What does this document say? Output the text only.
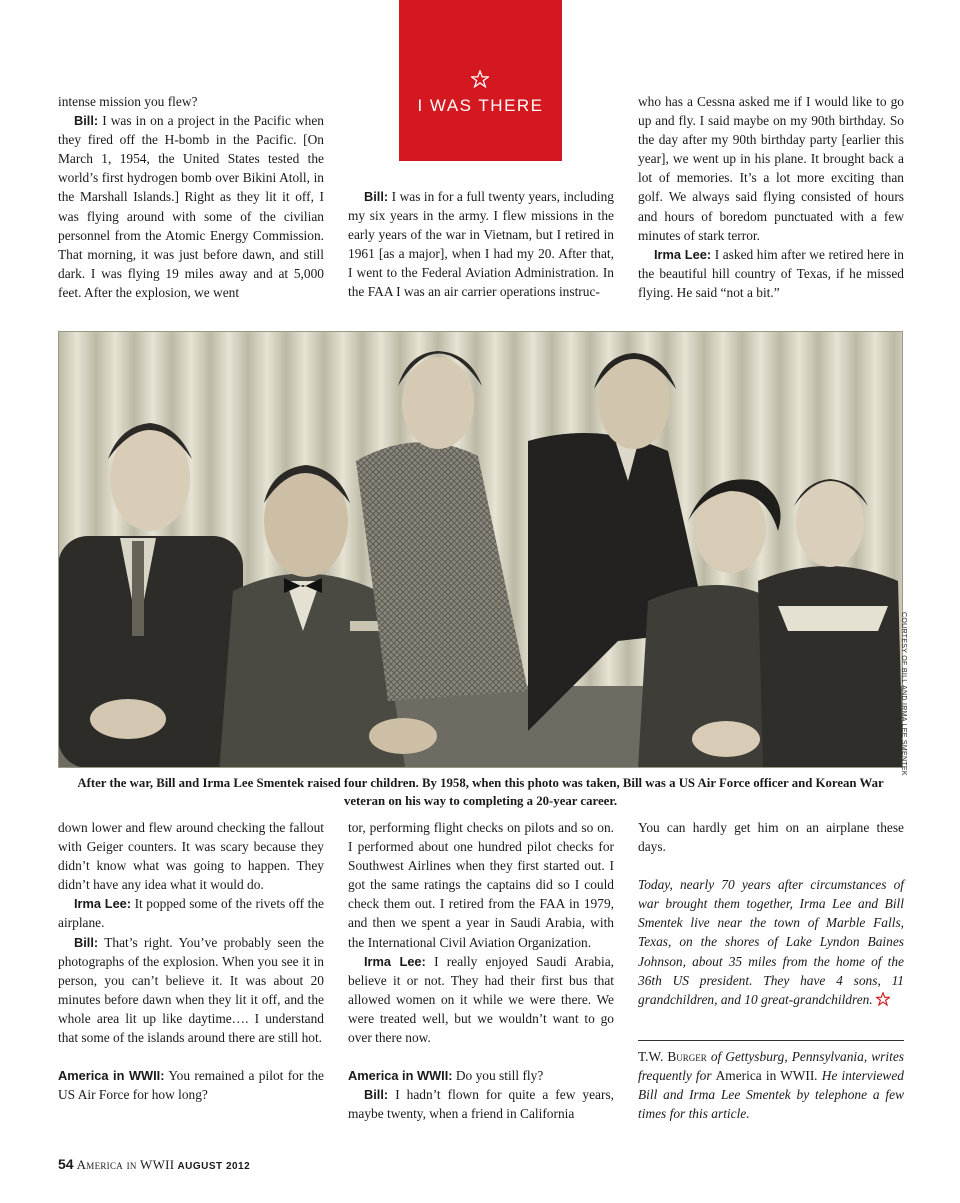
I WAS THERE

intense mission you flew?

Bill: I was in on a project in the Pacific when they fired off the H-bomb in the Pacific. [On March 1, 1954, the United States tested the world’s first hydrogen bomb over Bikini Atoll, in the Marshall Islands.] Right as they lit it off, I was flying around with some of the civilian personnel from the Atomic Energy Commission. That morning, it was just before dawn, and still dark. I was flying 19 miles away and at 5,000 feet. After the explosion, we went

Bill: I was in for a full twenty years, including my six years in the army. I flew missions in the early years of the war in Vietnam, but I retired in 1961 [as a major], when I had my 20. After that, I went to the Federal Aviation Administration. In the FAA I was an air carrier operations instruc-

who has a Cessna asked me if I would like to go up and fly. I said maybe on my 90th birthday. So the day after my 90th birthday party [earlier this year], we went up in his plane. It brought back a lot of memories. It’s a lot more exciting than golf. We always said flying consisted of hours and hours of boredom punctuated with a few minutes of stark terror.

Irma Lee: I asked him after we retired here in the beautiful hill country of Texas, if he missed flying. He said “not a bit.”

COURTESY OF BILL AND IRMA LEE SMENTEK
After the war, Bill and Irma Lee Smentek raised four children. By 1958, when this photo was taken, Bill was a US Air Force officer and Korean War veteran on his way to completing a 20-year career.

down lower and flew around checking the fallout with Geiger counters. It was scary because they didn’t know what was going to happen. They didn’t have any idea what it would do.

Irma Lee: It popped some of the rivets off the airplane.

Bill: That’s right. You’ve probably seen the photographs of the explosion. When you see it in person, you can’t believe it. It was about 20 minutes before dawn when they lit it off, and the whole area lit up like daytime…. I understand that some of the islands around there are still hot.

America in WWII: You remained a pilot for the US Air Force for how long?

tor, performing flight checks on pilots and so on. I performed about one hundred pilot checks for Southwest Airlines when they first started out. I got the same ratings the captains did so I could check them out. I retired from the FAA in 1979, and then we spent a year in Saudi Arabia, with the International Civil Aviation Organization.

Irma Lee: I really enjoyed Saudi Arabia, believe it or not. They had their first bus that allowed women on it while we were there. We were treated well, but we wouldn’t want to go over there now.

America in WWII: Do you still fly?

Bill: I hadn’t flown for quite a few years, maybe twenty, when a friend in California

You can hardly get him on an airplane these days.

Today, nearly 70 years after circumstances of war brought them together, Irma Lee and Bill Smentek live near the town of Marble Falls, Texas, on the shores of Lake Lyndon Baines Johnson, about 35 miles from the home of the 36th US president. They have 4 sons, 11 grandchildren, and 10 great-grandchildren.

T.W. Burger of Gettysburg, Pennsylvania, writes frequently for America in WWII. He interviewed Bill and Irma Lee Smentek by telephone a few times for this article.

54 America in WWII AUGUST 2012
